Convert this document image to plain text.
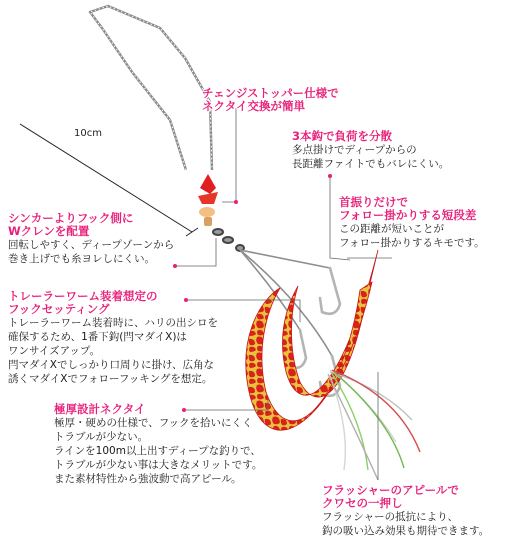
10cm
チェンジストッパー仕様で
ネクタイ交換が簡単
3本鈎で負荷を分散
多点掛けでディープからの
長距離ファイトでもバレにくい。
首振りだけで
フォロー掛かりする短段差
この距離が短いことが
フォロー掛かりするキモです。
シンカーよりフック側に
Wクレンを配置
回転しやすく、ディープゾーンから
巻き上げでも糸ヨレしにくい。
トレーラーワーム装着想定の
フックセッティング
トレーラーワーム装着時に、ハリの出シロを
確保するため、1番下鈎(閂マダイX)は
ワンサイズアップ。
閂マダイXでしっかり口周りに掛け、広角な
誘くマダイXでフォローフッキングを想定。
極厚設計ネクタイ
極厚・硬めの仕様で、フックを拾いにくく
トラブルが少ない。
ラインを100m以上出すディープな釣りで、
トラブルが少ない事は大きなメリットです。
また素材特性から強波動で高アピール。
フラッシャーのアピールで
クワセの一押し
フラッシャーの抵抗により、
鈎の吸い込み効果も期待できます。
